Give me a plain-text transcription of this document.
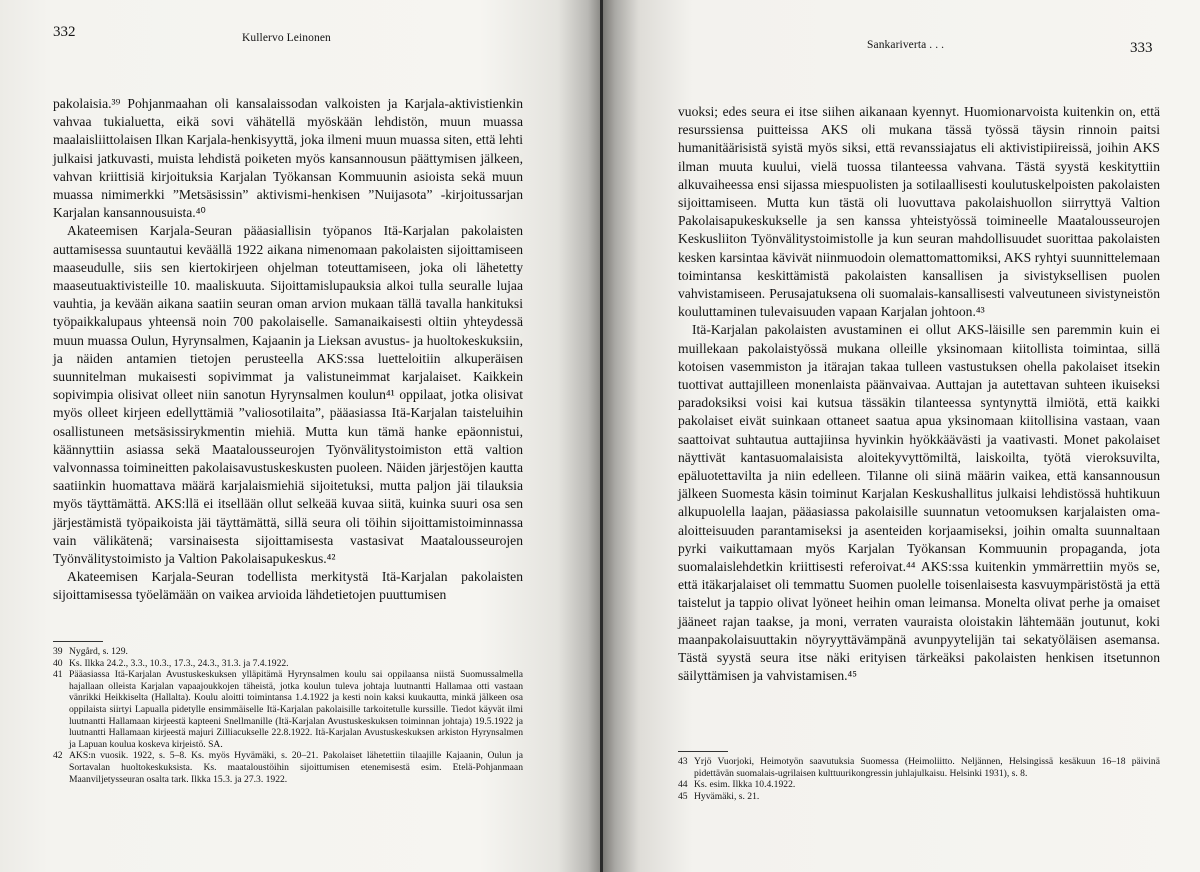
332	Kullervo Leinonen

pakolaisia.³⁹ Pohjanmaahan oli kansalaissodan valkoisten ja Karjala-aktivistienkin vahvaa tukialuetta, eikä sovi vähätellä myöskään lehdistön, muun muassa maalaisliittolaisen Ilkan Karjala-henkisyyttä, joka ilmeni muun muassa siten, että lehti julkaisi jatkuvasti, muista lehdistä poiketen myös kansannousun päättymisen jälkeen, vahvan kriittisiä kirjoituksia Karjalan Työkansan Kommuunin asioista sekä muun muassa nimimerkki ”Metsäsissin” aktivismi-henkisen ”Nuijasota” -kirjoitussarjan Karjalan kansannousuista.⁴⁰

Akateemisen Karjala-Seuran pääasiallisin työpanos Itä-Karjalan pakolaisten auttamisessa suuntautui keväällä 1922 aikana nimenomaan pakolaisten sijoittamiseen maaseudulle, siis sen kiertokirjeen ohjelman toteuttamiseen, joka oli lähetetty maaseutuaktivisteille 10. maaliskuuta. Sijoittamislupauksia alkoi tulla seuralle lujaa vauhtia, ja kevään aikana saatiin seuran oman arvion mukaan tällä tavalla hankituksi työpaikkalupaus yhteensä noin 700 pakolaiselle. Samanaikaisesti oltiin yhteydessä muun muassa Oulun, Hyrynsalmen, Kajaanin ja Lieksan avustus- ja huoltokeskuksiin, ja näiden antamien tietojen perusteella AKS:ssa luetteloitiin alkuperäisen suunnitelman mukaisesti sopivimmat ja valistuneimmat karjalaiset. Kaikkein sopivimpia olisivat olleet niin sanotun Hyrynsalmen koulun⁴¹ oppilaat, jotka olisivat myös olleet kirjeen edellyttämiä ”valiosotilaita”, pääasiassa Itä-Karjalan taisteluihin osallistuneen metsäsissirykmentin miehiä. Mutta kun tämä hanke epäonnistui, käännyttiin asiassa sekä Maatalousseurojen Työnvälitystoimiston että valtion valvonnassa toimineitten pakolaisavustuskeskusten puoleen. Näiden järjestöjen kautta saatiinkin huomattava määrä karjalaismiehiä sijoitetuksi, mutta paljon jäi tilauksia myös täyttämättä. AKS:llä ei itsellään ollut selkeää kuvaa siitä, kuinka suuri osa sen järjestämistä työpaikoista jäi täyttämättä, sillä seura oli töihin sijoittamistoiminnassa vain välikätenä; varsinaisesta sijoittamisesta vastasivat Maatalousseurojen Työnvälitystoimisto ja Valtion Pakolaisapukeskus.⁴²

Akateemisen Karjala-Seuran todellista merkitystä Itä-Karjalan pakolaisten sijoittamisessa työelämään on vaikea arvioida lähdetietojen puuttumisen

39 Nygård, s. 129.
40 Ks. Ilkka 24.2., 3.3., 10.3., 17.3., 24.3., 31.3. ja 7.4.1922.
41 Pääasiassa Itä-Karjalan Avustuskeskuksen ylläpitämä Hyrynsalmen koulu sai oppilaansa niistä Suomussalmella hajallaan olleista Karjalan vapaajoukkojen täheistä, jotka koulun tuleva johtaja luutnantti Hallamaa otti vastaan vänrikki Heikkiselta (Hallalta). Koulu aloitti toimintansa 1.4.1922 ja kesti noin kaksi kuukautta, minkä jälkeen osa oppilaista siirtyi Lapualla pidetylle ensimmäiselle Itä-Karjalan pakolaisille tarkoitetulle kurssille. Tiedot käyvät ilmi luutnantti Hallamaan kirjeestä kapteeni Snellmanille (Itä-Karjalan Avustuskeskuksen toiminnan johtaja) 19.5.1922 ja luutnantti Hallamaan kirjeestä majuri Zilliacukselle 22.8.1922. Itä-Karjalan Avustuskeskuksen arkiston Hyrynsalmen ja Lapuan koulua koskeva kirjeistö. SA.
42 AKS:n vuosik. 1922, s. 5–8. Ks. myös Hyvämäki, s. 20–21. Pakolaiset lähetettiin tilaajille Kajaanin, Oulun ja Sortavalan huoltokeskuksista. Ks. maataloustöihin sijoittumisen etenemisestä esim. Etelä-Pohjanmaan Maanviljetysseuran osalta tark. Ilkka 15.3. ja 27.3. 1922.
Sankariverta . . .	333

vuoksi; edes seura ei itse siihen aikanaan kyennyt. Huomionarvoista kuitenkin on, että resurssiensa puitteissa AKS oli mukana tässä työssä täysin rinnoin paitsi humanitäärisistä syistä myös siksi, että revanssiajatus eli aktivistipiireissä, joihin AKS ilman muuta kuului, vielä tuossa tilanteessa vahvana. Tästä syystä keskityttiin alkuvaiheessa ensi sijassa miespuolisten ja sotilaallisesti koulutuskelpoisten pakolaisten sijoittamiseen. Mutta kun tästä oli luovuttava pakolaishuollon siirryttyä Valtion Pakolaisapukeskukselle ja sen kanssa yhteistyössä toimineelle Maatalousseurojen Keskusliiton Työnvälitystoimistolle ja kun seuran mahdollisuudet suorittaa pakolaisten kesken karsintaa kävivät niinmuodoin olemattomattomiksi, AKS ryhtyi suunnittelemaan toimintansa keskittämistä pakolaisten kansallisen ja sivistyksellisen puolen vahvistamiseen. Perusajatuksena oli suomalais-kansallisesti valveutuneen sivistyneistön kouluttaminen tulevaisuuden vapaan Karjalan johtoon.⁴³

Itä-Karjalan pakolaisten avustaminen ei ollut AKS-läisille sen paremmin kuin ei muillekaan pakolaistyössä mukana olleille yksinomaan kiitollista toimintaa, sillä kotoisen vasemmiston ja itärajan takaa tulleen vastustuksen ohella pakolaiset itsekin tuottivat auttajilleen monenlaista päänvaivaa. Auttajan ja autettavan suhteen ikuiseksi paradoksiksi voisi kai kutsua tässäkin tilanteessa syntynyttä ilmiötä, että kaikki pakolaiset eivät suinkaan ottaneet saatua apua yksinomaan kiitollisina vastaan, vaan saattoivat suhtautua auttajiinsa hyvinkin hyökkäävästi ja vaativasti. Monet pakolaiset näyttivät kantasuomalaisista aloitekyvyttömiltä, laiskoilta, työtä vieroksuvilta, epäluotettavilta ja niin edelleen. Tilanne oli siinä määrin vaikea, että kansannousun jälkeen Suomesta käsin toiminut Karjalan Keskushallitus julkaisi lehdistössä huhtikuun alkupuolella laajan, pääasiassa pakolaisille suunnatun vetoomuksen karjalaisten oma-aloitteisuuden parantamiseksi ja asenteiden korjaamiseksi, joihin omalta suunnaltaan pyrki vaikuttamaan myös Karjalan Työkansan Kommuunin propaganda, jota suomalaislehdetkin kriittisesti referoivat.⁴⁴ AKS:ssa kuitenkin ymmärrettiin myös se, että itäkarjalaiset oli temmattu Suomen puolelle toisenlaisesta kasvuympäristöstä ja että taistelut ja tappio olivat lyöneet heihin oman leimansa. Monelta olivat perhe ja omaiset jääneet rajan taakse, ja moni, verraten vauraista oloistakin lähtemään joutunut, koki maanpakolaisuuttakin nöyryyttävämpänä avunpyytelijän tai sekatyöläisen asemansa. Tästä syystä seura itse näki erityisen tärkeäksi pakolaisten henkisen itsetunnon säilyttämisen ja vahvistamisen.⁴⁵

43 Yrjö Vuorjoki, Heimotyön saavutuksia Suomessa (Heimoliitto. Neljännen, Helsingissä kesäkuun 16–18 päivinä pidettävän suomalais-ugrilaisen kulttuurikongressin juhlajulkaisu. Helsinki 1931), s. 8.
44 Ks. esim. Ilkka 10.4.1922.
45 Hyvämäki, s. 21.
